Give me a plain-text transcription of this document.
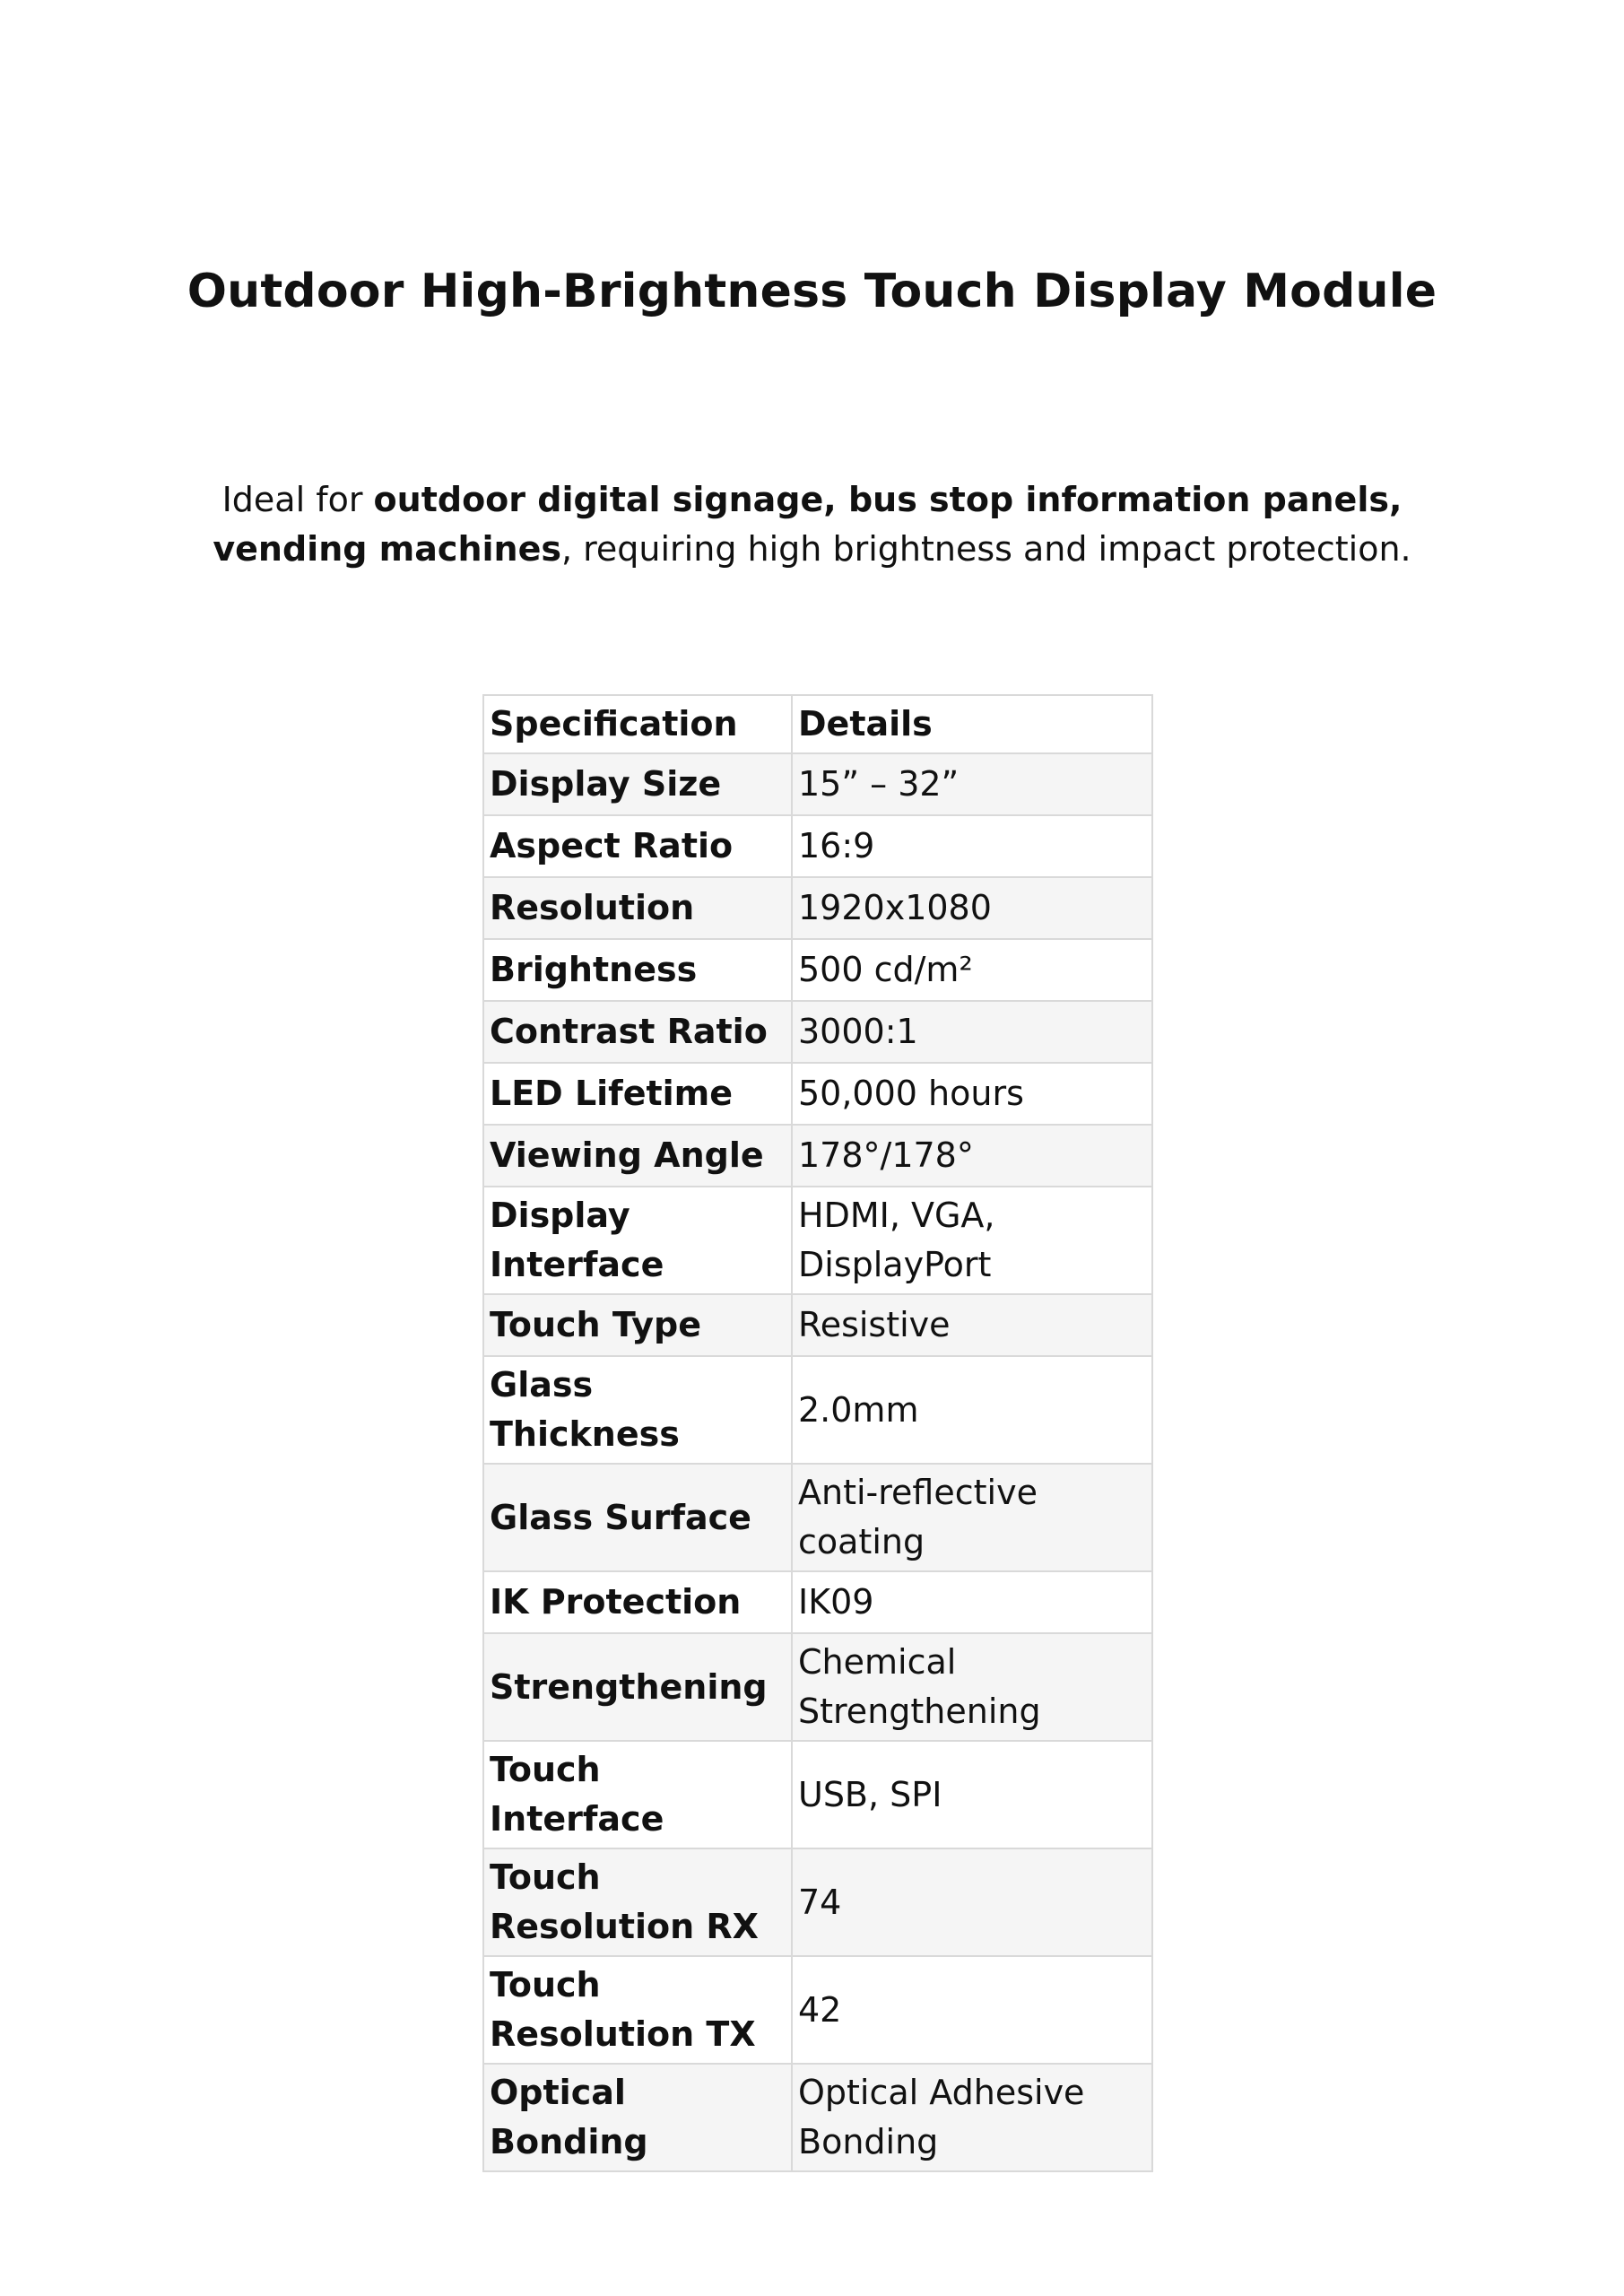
Outdoor High-Brightness Touch Display Module

Ideal for outdoor digital signage, bus stop information panels, vending machines, requiring high brightness and impact protection.

Specification	Details
Display Size	15” – 32”
Aspect Ratio	16:9
Resolution	1920x1080
Brightness	500 cd/m²
Contrast Ratio	3000:1
LED Lifetime	50,000 hours
Viewing Angle	178°/178°
Display Interface	HDMI, VGA, DisplayPort
Touch Type	Resistive
Glass Thickness	2.0mm
Glass Surface	Anti-reflective coating
IK Protection	IK09
Strengthening	Chemical Strengthening
Touch Interface	USB, SPI
Touch Resolution RX	74
Touch Resolution TX	42
Optical Bonding	Optical Adhesive Bonding
